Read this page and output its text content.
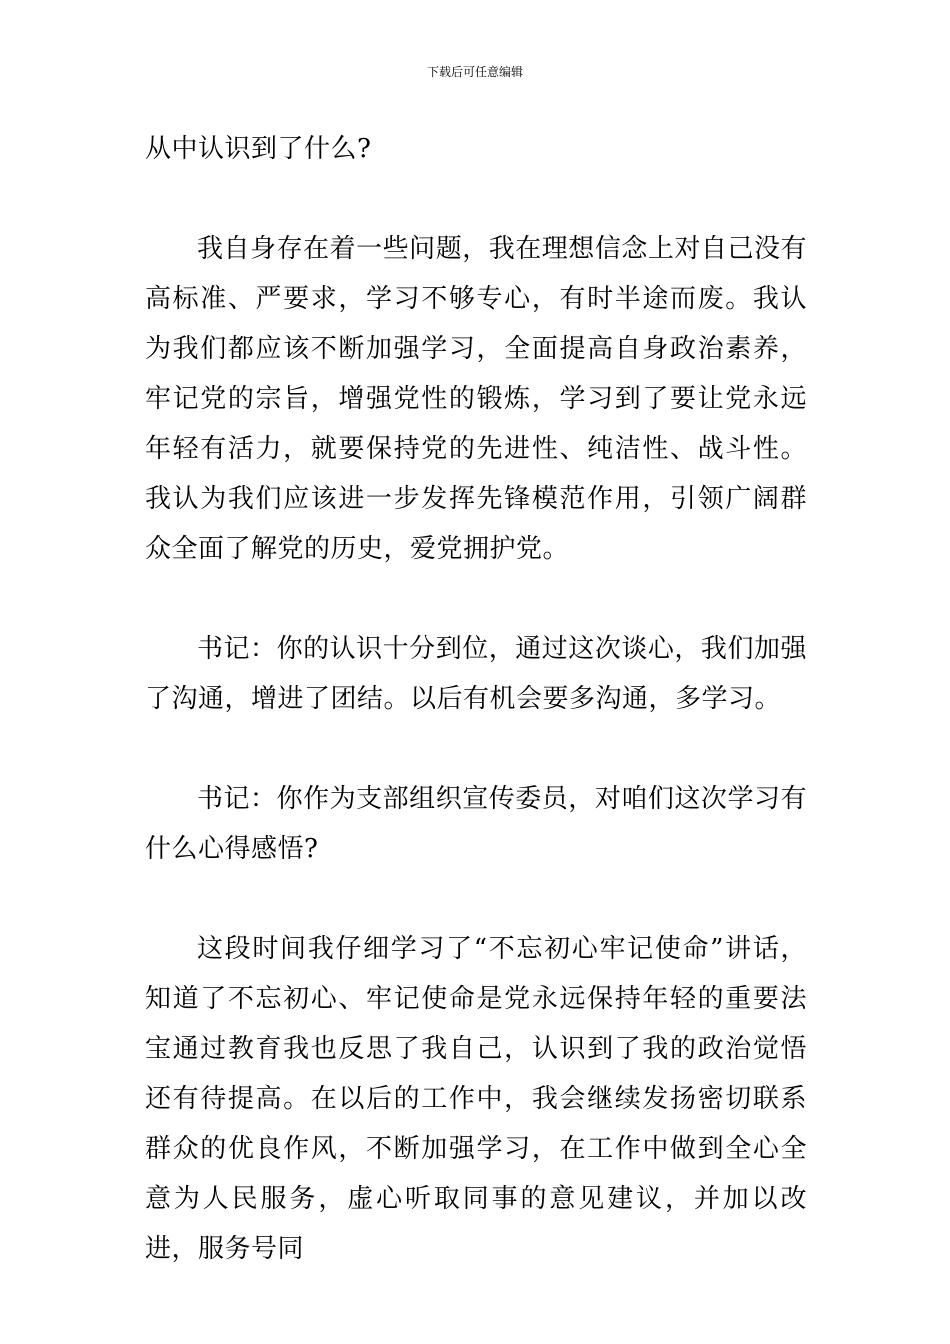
下载后可任意编辑

从中认识到了什么?

我自身存在着一些问题，我在理想信念上对自己没有高标准、严要求，学习不够专心，有时半途而废。我认为我们都应该不断加强学习，全面提高自身政治素养，牢记党的宗旨，增强党性的锻炼，学习到了要让党永远年轻有活力，就要保持党的先进性、纯洁性、战斗性。我认为我们应该进一步发挥先锋模范作用，引领广阔群众全面了解党的历史，爱党拥护党。

书记：你的认识十分到位，通过这次谈心，我们加强了沟通，增进了团结。以后有机会要多沟通，多学习。

书记：你作为支部组织宣传委员，对咱们这次学习有什么心得感悟?

这段时间我仔细学习了“不忘初心牢记使命”讲话，知道了不忘初心、牢记使命是党永远保持年轻的重要法宝通过教育我也反思了我自己，认识到了我的政治觉悟还有待提高。在以后的工作中，我会继续发扬密切联系群众的优良作风，不断加强学习，在工作中做到全心全意为人民服务，虚心听取同事的意见建议，并加以改进，服务号同
